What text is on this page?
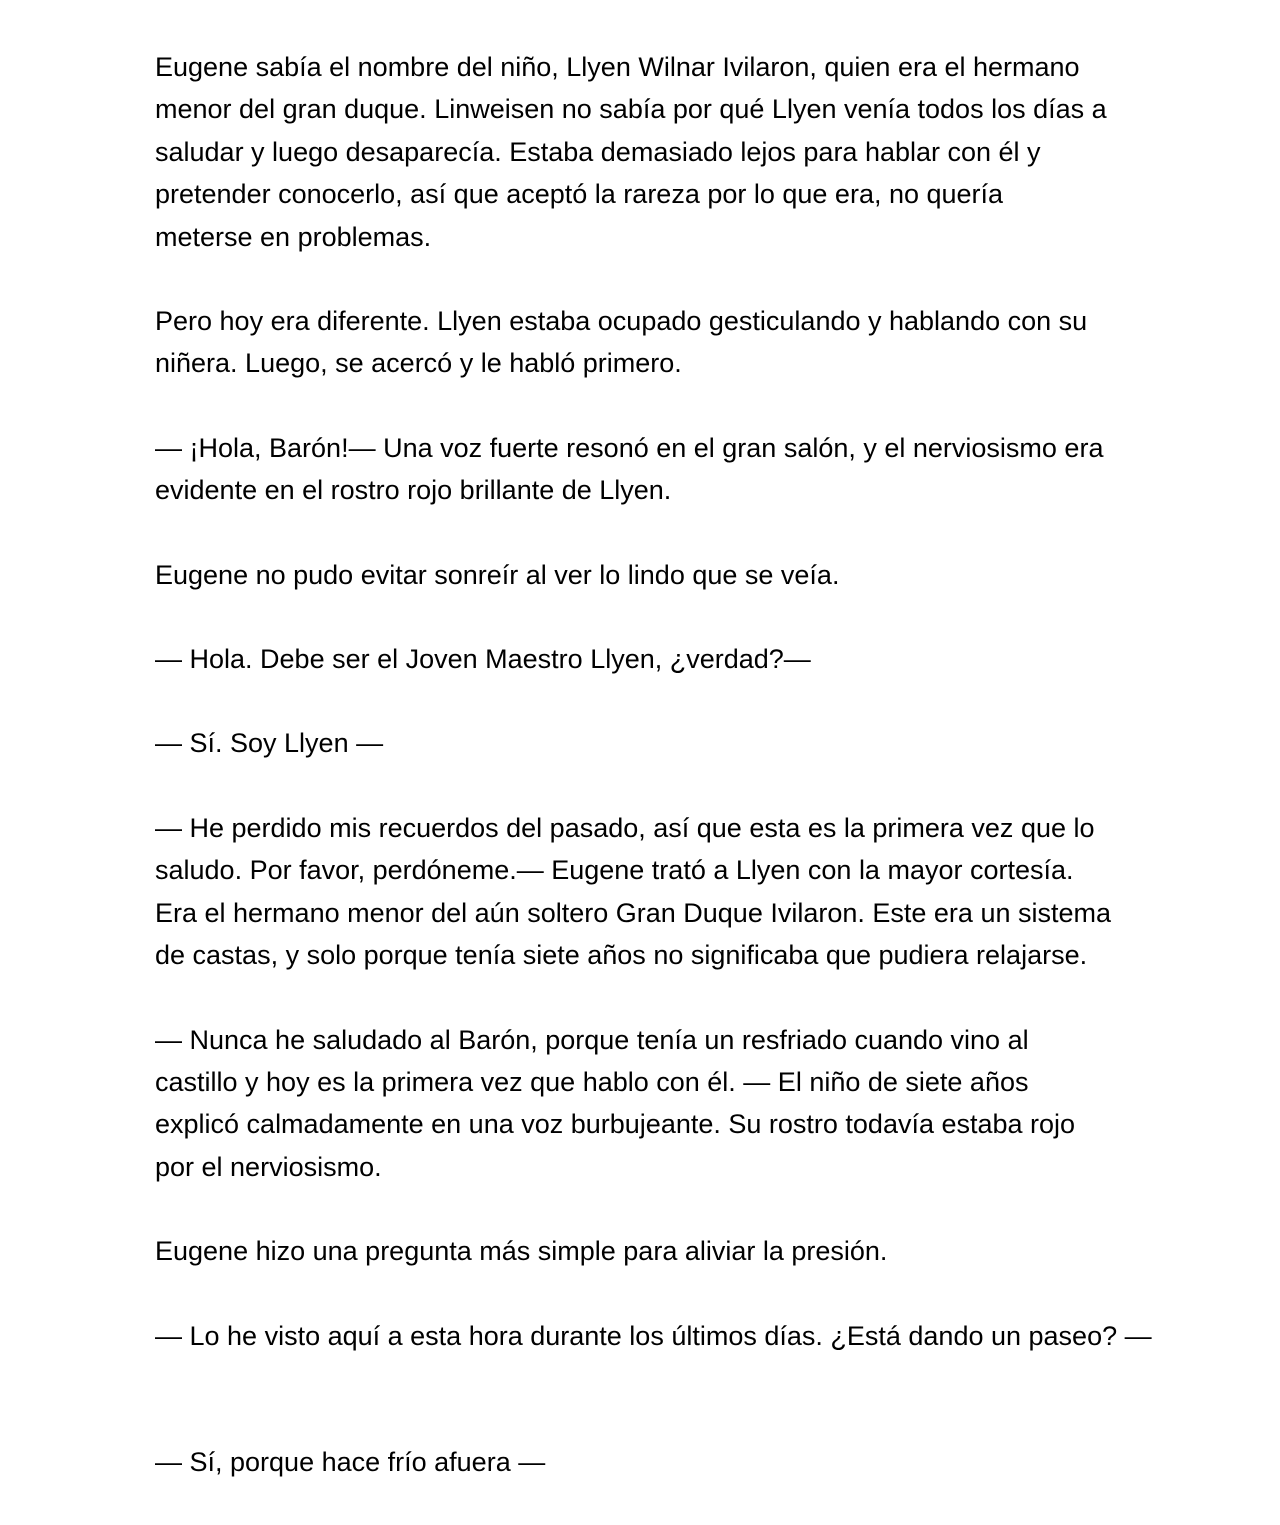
Eugene sabía el nombre del niño, Llyen Wilnar Ivilaron, quien era el hermano
menor del gran duque. Linweisen no sabía por qué Llyen venía todos los días a
saludar y luego desaparecía. Estaba demasiado lejos para hablar con él y
pretender conocerlo, así que aceptó la rareza por lo que era, no quería
meterse en problemas.

Pero hoy era diferente. Llyen estaba ocupado gesticulando y hablando con su
niñera. Luego, se acercó y le habló primero.

— ¡Hola, Barón!— Una voz fuerte resonó en el gran salón, y el nerviosismo era
evidente en el rostro rojo brillante de Llyen.

Eugene no pudo evitar sonreír al ver lo lindo que se veía.

— Hola. Debe ser el Joven Maestro Llyen, ¿verdad?—

— Sí. Soy Llyen —

— He perdido mis recuerdos del pasado, así que esta es la primera vez que lo
saludo. Por favor, perdóneme.— Eugene trató a Llyen con la mayor cortesía.
Era el hermano menor del aún soltero Gran Duque Ivilaron. Este era un sistema
de castas, y solo porque tenía siete años no significaba que pudiera relajarse.

— Nunca he saludado al Barón, porque tenía un resfriado cuando vino al
castillo y hoy es la primera vez que hablo con él. — El niño de siete años
explicó calmadamente en una voz burbujeante. Su rostro todavía estaba rojo
por el nerviosismo.

Eugene hizo una pregunta más simple para aliviar la presión.

— Lo he visto aquí a esta hora durante los últimos días. ¿Está dando un paseo? —

— Sí, porque hace frío afuera —
